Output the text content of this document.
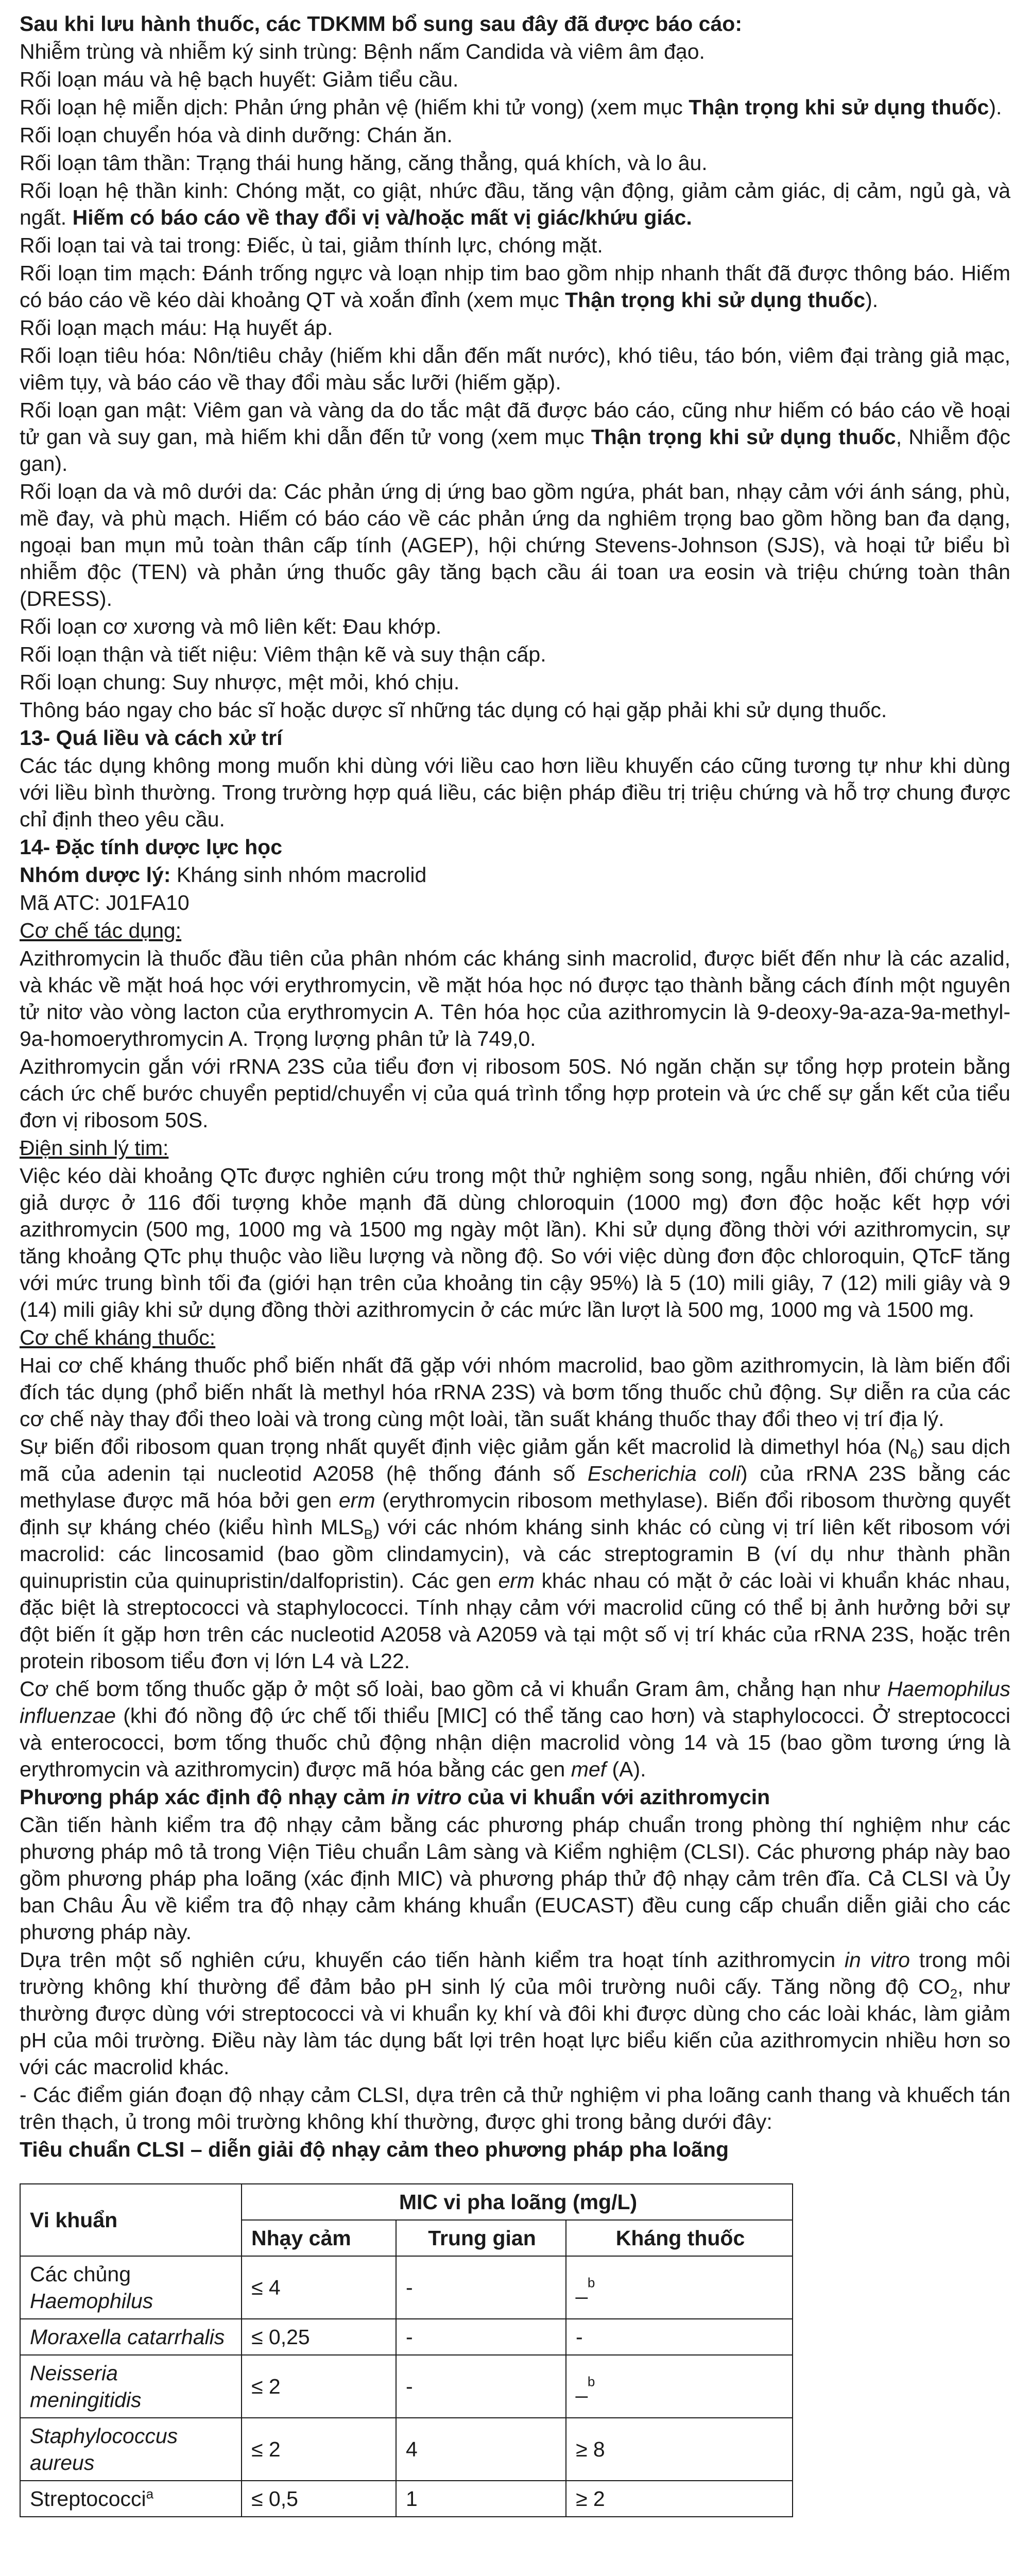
Sau khi lưu hành thuốc, các TDKMM bổ sung sau đây đã được báo cáo:

Nhiễm trùng và nhiễm ký sinh trùng: Bệnh nấm Candida và viêm âm đạo.

Rối loạn máu và hệ bạch huyết: Giảm tiểu cầu.

Rối loạn hệ miễn dịch: Phản ứng phản vệ (hiếm khi tử vong) (xem mục Thận trọng khi sử dụng thuốc).

Rối loạn chuyển hóa và dinh dưỡng: Chán ăn.

Rối loạn tâm thần: Trạng thái hung hăng, căng thẳng, quá khích, và lo âu.

Rối loạn hệ thần kinh: Chóng mặt, co giật, nhức đầu, tăng vận động, giảm cảm giác, dị cảm, ngủ gà, và ngất. Hiếm có báo cáo về thay đổi vị và/hoặc mất vị giác/khứu giác.

Rối loạn tai và tai trong: Điếc, ù tai, giảm thính lực, chóng mặt.

Rối loạn tim mạch: Đánh trống ngực và loạn nhịp tim bao gồm nhịp nhanh thất đã được thông báo. Hiếm có báo cáo về kéo dài khoảng QT và xoắn đỉnh (xem mục Thận trọng khi sử dụng thuốc).

Rối loạn mạch máu: Hạ huyết áp.

Rối loạn tiêu hóa: Nôn/tiêu chảy (hiếm khi dẫn đến mất nước), khó tiêu, táo bón, viêm đại tràng giả mạc, viêm tụy, và báo cáo về thay đổi màu sắc lưỡi (hiếm gặp).

Rối loạn gan mật: Viêm gan và vàng da do tắc mật đã được báo cáo, cũng như hiếm có báo cáo về hoại tử gan và suy gan, mà hiếm khi dẫn đến tử vong (xem mục Thận trọng khi sử dụng thuốc, Nhiễm độc gan).

Rối loạn da và mô dưới da: Các phản ứng dị ứng bao gồm ngứa, phát ban, nhạy cảm với ánh sáng, phù, mề đay, và phù mạch. Hiếm có báo cáo về các phản ứng da nghiêm trọng bao gồm hồng ban đa dạng, ngoại ban mụn mủ toàn thân cấp tính (AGEP), hội chứng Stevens-Johnson (SJS), và hoại tử biểu bì nhiễm độc (TEN) và phản ứng thuốc gây tăng bạch cầu ái toan ưa eosin và triệu chứng toàn thân (DRESS).

Rối loạn cơ xương và mô liên kết: Đau khớp.

Rối loạn thận và tiết niệu: Viêm thận kẽ và suy thận cấp.

Rối loạn chung: Suy nhược, mệt mỏi, khó chịu.

Thông báo ngay cho bác sĩ hoặc dược sĩ những tác dụng có hại gặp phải khi sử dụng thuốc.

13- Quá liều và cách xử trí

Các tác dụng không mong muốn khi dùng với liều cao hơn liều khuyến cáo cũng tương tự như khi dùng với liều bình thường. Trong trường hợp quá liều, các biện pháp điều trị triệu chứng và hỗ trợ chung được chỉ định theo yêu cầu.

14- Đặc tính dược lực học

Nhóm dược lý: Kháng sinh nhóm macrolid

Mã ATC: J01FA10

Cơ chế tác dụng:

Azithromycin là thuốc đầu tiên của phân nhóm các kháng sinh macrolid, được biết đến như là các azalid, và khác về mặt hoá học với erythromycin, về mặt hóa học nó được tạo thành bằng cách đính một nguyên tử nitơ vào vòng lacton của erythromycin A. Tên hóa học của azithromycin là 9-deoxy-9a-aza-9a-methyl-9a-homoerythromycin A. Trọng lượng phân tử là 749,0.

Azithromycin gắn với rRNA 23S của tiểu đơn vị ribosom 50S. Nó ngăn chặn sự tổng hợp protein bằng cách ức chế bước chuyển peptid/chuyển vị của quá trình tổng hợp protein và ức chế sự gắn kết của tiểu đơn vị ribosom 50S.

Điện sinh lý tim:

Việc kéo dài khoảng QTc được nghiên cứu trong một thử nghiệm song song, ngẫu nhiên, đối chứng với giả dược ở 116 đối tượng khỏe mạnh đã dùng chloroquin (1000 mg) đơn độc hoặc kết hợp với azithromycin (500 mg, 1000 mg và 1500 mg ngày một lần). Khi sử dụng đồng thời với azithromycin, sự tăng khoảng QTc phụ thuộc vào liều lượng và nồng độ. So với việc dùng đơn độc chloroquin, QTcF tăng với mức trung bình tối đa (giới hạn trên của khoảng tin cậy 95%) là 5 (10) mili giây, 7 (12) mili giây và 9 (14) mili giây khi sử dụng đồng thời azithromycin ở các mức lần lượt là 500 mg, 1000 mg và 1500 mg.

Cơ chế kháng thuốc:

Hai cơ chế kháng thuốc phổ biến nhất đã gặp với nhóm macrolid, bao gồm azithromycin, là làm biến đổi đích tác dụng (phổ biến nhất là methyl hóa rRNA 23S) và bơm tống thuốc chủ động. Sự diễn ra của các cơ chế này thay đổi theo loài và trong cùng một loài, tần suất kháng thuốc thay đổi theo vị trí địa lý.

Sự biến đổi ribosom quan trọng nhất quyết định việc giảm gắn kết macrolid là dimethyl hóa $(N_6)$ sau dịch mã của adenin tại nucleotid A2058 (hệ thống đánh số Escherichia coli) của rRNA 23S bằng các methylase được mã hóa bởi gen erm (erythromycin ribosom methylase). Biến đổi ribosom thường quyết định sự kháng chéo (kiểu hình $MLS_B$) với các nhóm kháng sinh khác có cùng vị trí liên kết ribosom với macrolid: các lincosamid (bao gồm clindamycin), và các streptogramin B (ví dụ như thành phần quinupristin của quinupristin/dalfopristin). Các gen erm khác nhau có mặt ở các loài vi khuẩn khác nhau, đặc biệt là streptococci và staphylococci. Tính nhạy cảm với macrolid cũng có thể bị ảnh hưởng bởi sự đột biến ít gặp hơn trên các nucleotid A2058 và A2059 và tại một số vị trí khác của rRNA 23S, hoặc trên protein ribosom tiểu đơn vị lớn L4 và L22.

Cơ chế bơm tống thuốc gặp ở một số loài, bao gồm cả vi khuẩn Gram âm, chẳng hạn như Haemophilus influenzae (khi đó nồng độ ức chế tối thiểu [MIC] có thể tăng cao hơn) và staphylococci. Ở streptococci và enterococci, bơm tống thuốc chủ động nhận diện macrolid vòng 14 và 15 (bao gồm tương ứng là erythromycin và azithromycin) được mã hóa bằng các gen mef (A).

Phương pháp xác định độ nhạy cảm in vitro của vi khuẩn với azithromycin

Cần tiến hành kiểm tra độ nhạy cảm bằng các phương pháp chuẩn trong phòng thí nghiệm như các phương pháp mô tả trong Viện Tiêu chuẩn Lâm sàng và Kiểm nghiệm (CLSI). Các phương pháp này bao gồm phương pháp pha loãng (xác định MIC) và phương pháp thử độ nhạy cảm trên đĩa. Cả CLSI và Ủy ban Châu Âu về kiểm tra độ nhạy cảm kháng khuẩn (EUCAST) đều cung cấp chuẩn diễn giải cho các phương pháp này.

Dựa trên một số nghiên cứu, khuyến cáo tiến hành kiểm tra hoạt tính azithromycin in vitro trong môi trường không khí thường để đảm bảo pH sinh lý của môi trường nuôi cấy. Tăng nồng độ $CO_2$, như thường được dùng với streptococci và vi khuẩn kỵ khí và đôi khi được dùng cho các loài khác, làm giảm pH của môi trường. Điều này làm tác dụng bất lợi trên hoạt lực biểu kiến của azithromycin nhiều hơn so với các macrolid khác.

- Các điểm gián đoạn độ nhạy cảm CLSI, dựa trên cả thử nghiệm vi pha loãng canh thang và khuếch tán trên thạch, ủ trong môi trường không khí thường, được ghi trong bảng dưới đây:

Tiêu chuẩn CLSI – diễn giải độ nhạy cảm theo phương pháp pha loãng

Vi khuẩn	MIC vi pha loãng (mg/L)		
	Nhạy cảm	Trung gian	Kháng thuốc
Các chủng Haemophilus	≤ 4	-	_$^b$
Moraxella catarrhalis	≤ 0,25	-	-
Neisseria meningitidis	≤ 2	-	_$^b$
Staphylococcus aureus	≤ 2	4	≥ 8
Streptococci$^a$	≤ 0,5	1	≥ 2
